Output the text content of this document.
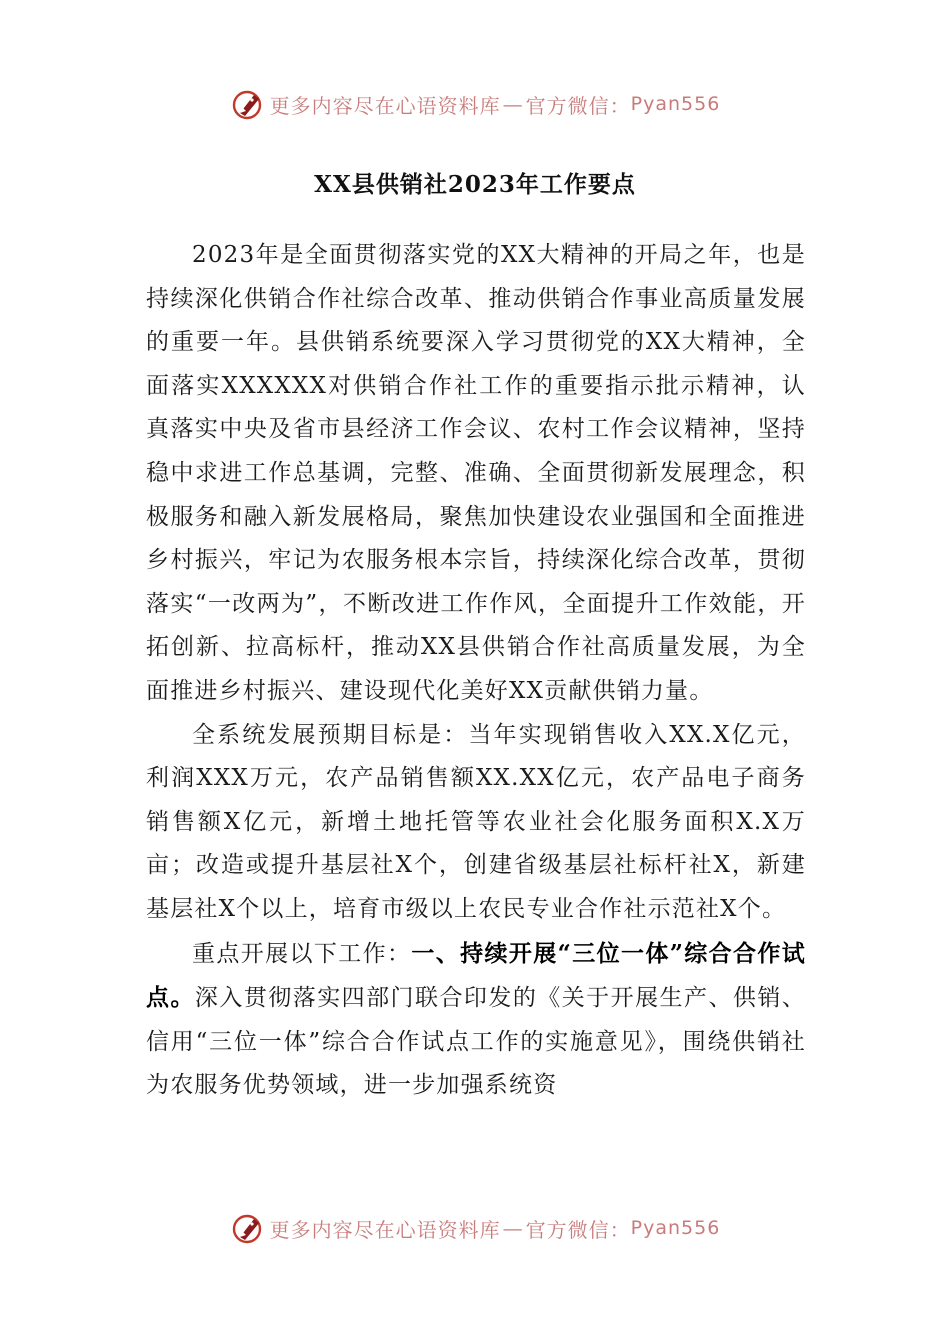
更多内容尽在心语资料库 — 官方微信： Pyan556
XX县供销社2023年工作要点

2023年是全面贯彻落实党的XX大精神的开局之年，也是持续深化供销合作社综合改革、推动供销合作事业高质量发展的重要一年。县供销系统要深入学习贯彻党的XX大精神，全面落实XXXXXX对供销合作社工作的重要指示批示精神，认真落实中央及省市县经济工作会议、农村工作会议精神，坚持稳中求进工作总基调，完整、准确、全面贯彻新发展理念，积极服务和融入新发展格局，聚焦加快建设农业强国和全面推进乡村振兴，牢记为农服务根本宗旨，持续深化综合改革，贯彻落实“一改两为”，不断改进工作作风，全面提升工作效能，开拓创新、拉高标杆，推动XX县供销合作社高质量发展，为全面推进乡村振兴、建设现代化美好XX贡献供销力量。

全系统发展预期目标是：当年实现销售收入XX.X亿元，利润XXX万元，农产品销售额XX.XX亿元，农产品电子商务销售额X亿元，新增土地托管等农业社会化服务面积X.X万亩；改造或提升基层社X个，创建省级基层社标杆社X，新建基层社X个以上，培育市级以上农民专业合作社示范社X个。

重点开展以下工作：一、持续开展“三位一体”综合合作试点。深入贯彻落实四部门联合印发的《关于开展生产、供销、信用“三位一体”综合合作试点工作的实施意见》，围绕供销社为农服务优势领域，进一步加强系统资

更多内容尽在心语资料库 — 官方微信： Pyan556
